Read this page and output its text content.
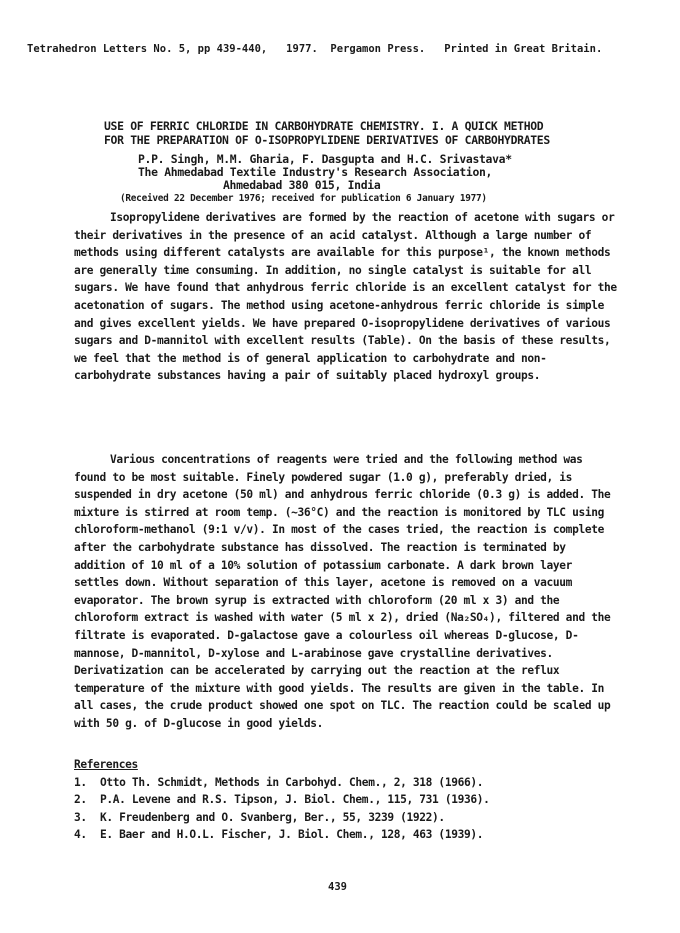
Tetrahedron Letters No. 5, pp 439-440,   1977.  Pergamon Press.   Printed in Great Britain.
USE OF FERRIC CHLORIDE IN CARBOHYDRATE CHEMISTRY. I. A QUICK METHOD
FOR THE PREPARATION OF O-ISOPROPYLIDENE DERIVATIVES OF CARBOHYDRATES
P.P. Singh, M.M. Gharia, F. Dasgupta and H.C. Srivastava*
The Ahmedabad Textile Industry's Research Association,
Ahmedabad 380 015, India
(Received 22 December 1976; received for publication 6 January 1977)

Isopropylidene derivatives are formed by the reaction of acetone with sugars or their derivatives in the presence of an acid catalyst. Although a large number of methods using different catalysts are available for this purpose¹, the known methods are generally time consuming. In addition, no single catalyst is suitable for all sugars. We have found that anhydrous ferric chloride is an excellent catalyst for the acetonation of sugars. The method using acetone-anhydrous ferric chloride is simple and gives excellent yields. We have prepared O-isopropylidene derivatives of various sugars and D-mannitol with excellent results (Table). On the basis of these results, we feel that the method is of general application to carbohydrate and non-carbohydrate substances having a pair of suitably placed hydroxyl groups.

Various concentrations of reagents were tried and the following method was found to be most suitable. Finely powdered sugar (1.0 g), preferably dried, is suspended in dry acetone (50 ml) and anhydrous ferric chloride (0.3 g) is added. The mixture is stirred at room temp. (~36°C) and the reaction is monitored by TLC using chloroform-methanol (9:1 v/v). In most of the cases tried, the reaction is complete after the carbohydrate substance has dissolved. The reaction is terminated by addition of 10 ml of a 10% solution of potassium carbonate. A dark brown layer settles down. Without separation of this layer, acetone is removed on a vacuum evaporator. The brown syrup is extracted with chloroform (20 ml x 3) and the chloroform extract is washed with water (5 ml x 2), dried (Na₂SO₄), filtered and the filtrate is evaporated. D-galactose gave a colourless oil whereas D-glucose, D-mannose, D-mannitol, D-xylose and L-arabinose gave crystalline derivatives. Derivatization can be accelerated by carrying out the reaction at the reflux temperature of the mixture with good yields. The results are given in the table. In all cases, the crude product showed one spot on TLC. The reaction could be scaled up with 50 g. of D-glucose in good yields.

References
1.	Otto Th. Schmidt, Methods in Carbohyd. Chem., 2, 318 (1966).
2.	P.A. Levene and R.S. Tipson, J. Biol. Chem., 115, 731 (1936).
3.	K. Freudenberg and O. Svanberg, Ber., 55, 3239 (1922).
4.	E. Baer and H.O.L. Fischer, J. Biol. Chem., 128, 463 (1939).
439
